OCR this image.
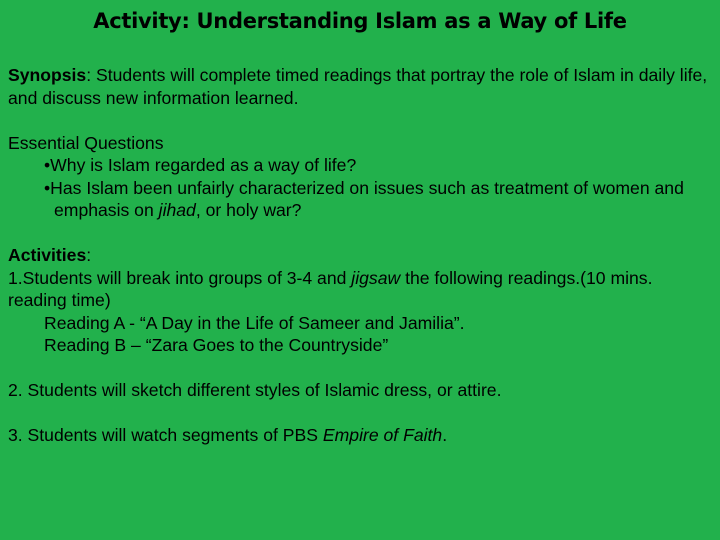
Activity: Understanding Islam as a Way of Life

Synopsis: Students will complete timed readings that portray the role of Islam in daily life, and discuss new information learned.

Essential Questions

•Why is Islam regarded as a way of life?
•Has Islam been unfairly characterized on issues such as treatment of women and emphasis on jihad, or holy war?

Activities:

1.Students will break into groups of 3-4 and jigsaw the following readings.(10 mins. reading time)

Reading A - “A Day in the Life of Sameer and Jamilia”.

Reading B – “Zara Goes to the Countryside”

2. Students will sketch different styles of Islamic dress, or attire.

3. Students will watch segments of PBS Empire of Faith.
